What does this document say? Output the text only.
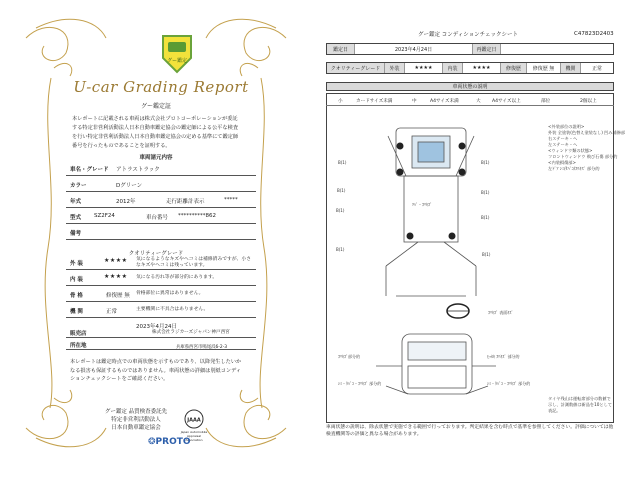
グー鑑定
U-car Grading Report
グー鑑定証
本レポートに記載される車両は株式会社プロトコーポレーションが委託する特定非営利活動法人日本自動車鑑定協会の鑑定師による公平な検査を行い特定非営利活動法人日本自動車鑑定協会の定める基準にて鑑定師番号を行ったものであることを証明する。
車両諸元内容
車名・グレード アトラストラック
カラー	Dグリーン
年式	2012年	走行距離計表示	*****
型式 SZ2F24	車台番号 **********862
備考
クオリティーグレード
外 装	★★★★ 気になるようなキズやヘコミは補修済みですが、小さなキズやヘコミは残っています。
内 装	★★★★ 気になる汚れ等が部分的にあります。
骨 格	修復歴 無 骨格部位に異常はありません。
機 関	正常	主要機関に不具合はありません。
2023年4月24日
販売店	株式会社ラジカーズジャパン神戸西宮
所在地	兵庫県西宮市鳴尾浜6-2-3
本レポートは鑑定時点での車両状態を示すものであり、以降発生したいかなる損害も保証するものではありません。車両状態の詳細は別紙コンディションチェックシートをご確認ください。
グー鑑定 品質検査委託先
特定非営利活動法人
日本自動車鑑定協会
JAAA
Japan Automobile Appraisal Association
❂PROTO
グー鑑定 コンディションチェックシート	C47823D2403
鑑定日	2023年4月24日	再鑑定日
クオリティーグレード	外装	★★★★	内装	★★★★	修復歴	修復歴 無	機関	正常
車両状態の説明
小	カードサイズ未満	中	A4サイズ未満	大 A4サイズ以上	部位	2個以上
B(1)
B(1)
B(1)
B(1)
B(1)
B(1)
B(1)
B(1)
ﾂﾊﾟ・ｽﾘｷｽﾞ
ｽﾘｷｽﾞ 表面ｷｽﾞ
ｽﾘｷｽﾞ部分的	ﾋｯｶｷ ｽﾘｷｽﾞ 部分的
ｼﾐ・ﾀﾊﾞｺ・ｽﾘｷｽﾞ 部分的	ｼﾐ・ﾀﾊﾞｺ・ｽﾘｷｽﾞ 部分的
<外装部位の説明>
外装 全塗装(色替え塗装なし) 凹み補修部
右ステーキ・ヘ
左ステーキ・ヘ
<ウィンドウ類の状態>
フロントウィンドウ 飛び石傷 部分的
<内装損傷部>
左ﾄﾞｱ ｼﾐ/ﾀﾊﾞｺ/ｽﾘｷｽﾞ 部分的
タイヤ残山は運転席部分の数値で示し、計測数値は新品を10として表記。
車両状態の説明は、除去状態で実施できる範囲で行っております。判定結果を含む時点で基準を参照してください。評価については他検査機関等の評価と異なる場合があります。
